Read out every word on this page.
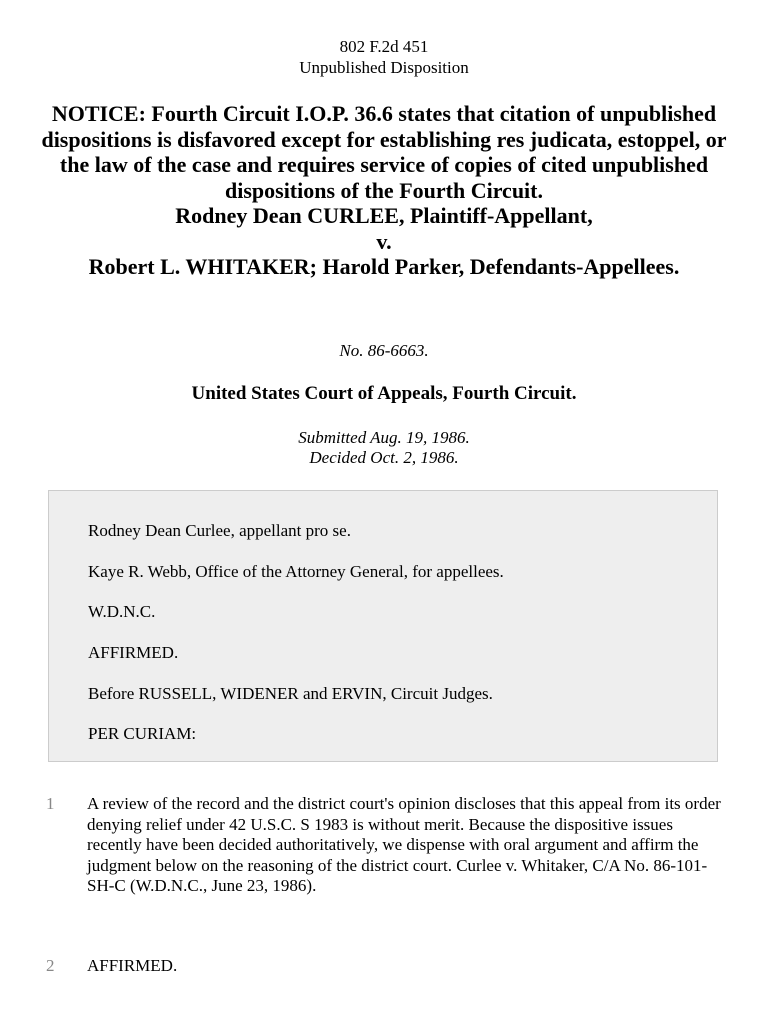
802 F.2d 451
Unpublished Disposition
NOTICE: Fourth Circuit I.O.P. 36.6 states that citation of unpublished dispositions is disfavored except for establishing res judicata, estoppel, or the law of the case and requires service of copies of cited unpublished dispositions of the Fourth Circuit.
Rodney Dean CURLEE, Plaintiff-Appellant,
v.
Robert L. WHITAKER; Harold Parker, Defendants-Appellees.
No. 86-6663.
United States Court of Appeals, Fourth Circuit.
Submitted Aug. 19, 1986.
Decided Oct. 2, 1986.
Rodney Dean Curlee, appellant pro se.
Kaye R. Webb, Office of the Attorney General, for appellees.
W.D.N.C.
AFFIRMED.
Before RUSSELL, WIDENER and ERVIN, Circuit Judges.
PER CURIAM:
1 A review of the record and the district court's opinion discloses that this appeal from its order denying relief under 42 U.S.C. S 1983 is without merit. Because the dispositive issues recently have been decided authoritatively, we dispense with oral argument and affirm the judgment below on the reasoning of the district court. Curlee v. Whitaker, C/A No. 86-101-SH-C (W.D.N.C., June 23, 1986).
2 AFFIRMED.
